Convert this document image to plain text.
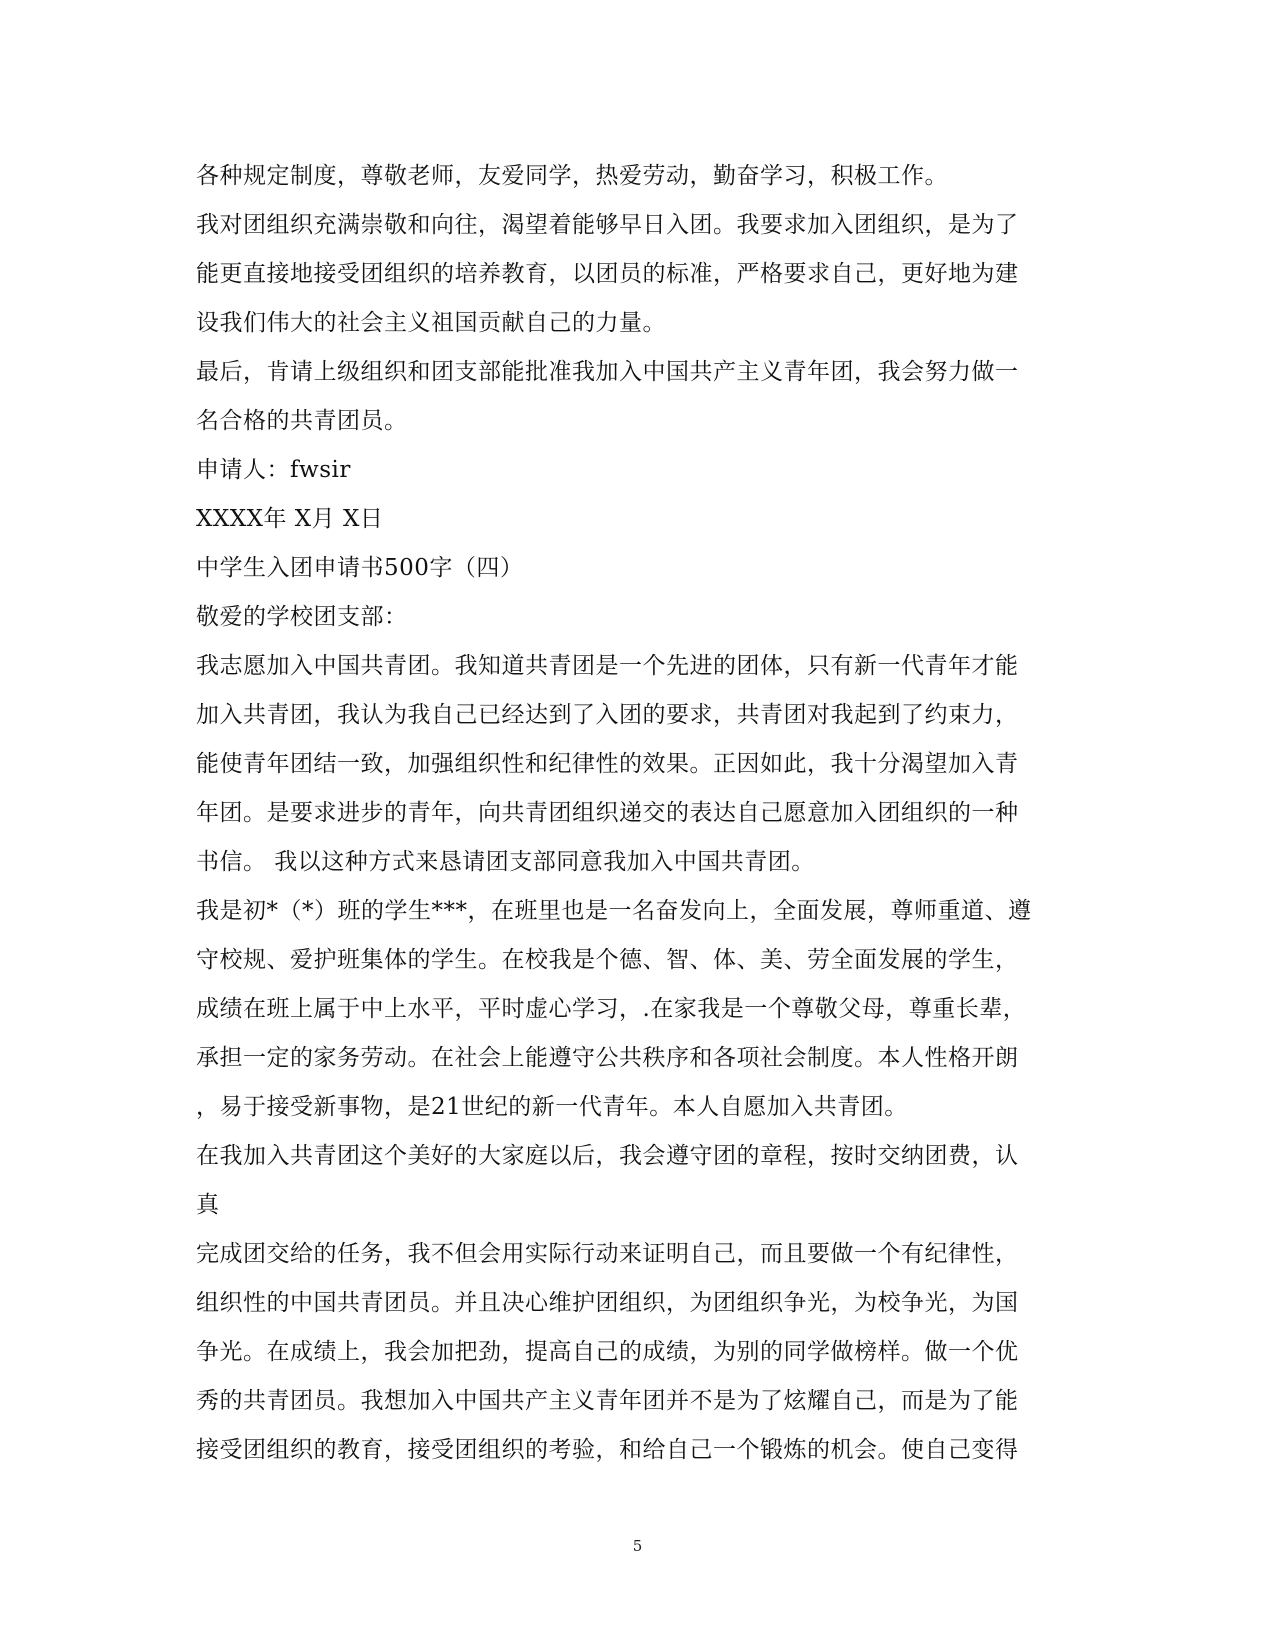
各种规定制度，尊敬老师，友爱同学，热爱劳动，勤奋学习，积极工作。
我对团组织充满崇敬和向往，渴望着能够早日入团。我要求加入团组织，是为了
能更直接地接受团组织的培养教育，以团员的标准，严格要求自己，更好地为建
设我们伟大的社会主义祖国贡献自己的力量。
最后，肯请上级组织和团支部能批准我加入中国共产主义青年团，我会努力做一
名合格的共青团员。
申请人：fwsir
XXXX年 X月 X日
中学生入团申请书500字（四）
敬爱的学校团支部：
我志愿加入中国共青团。我知道共青团是一个先进的团体，只有新一代青年才能
加入共青团，我认为我自己已经达到了入团的要求，共青团对我起到了约束力，
能使青年团结一致，加强组织性和纪律性的效果。正因如此，我十分渴望加入青
年团。是要求进步的青年，向共青团组织递交的表达自己愿意加入团组织的一种
书信。 我以这种方式来恳请团支部同意我加入中国共青团。
我是初*（*）班的学生***，在班里也是一名奋发向上，全面发展，尊师重道、遵
守校规、爱护班集体的学生。在校我是个德、智、体、美、劳全面发展的学生，
成绩在班上属于中上水平，平时虚心学习，.在家我是一个尊敬父母，尊重长辈，
承担一定的家务劳动。在社会上能遵守公共秩序和各项社会制度。本人性格开朗
，易于接受新事物，是21世纪的新一代青年。本人自愿加入共青团。
在我加入共青团这个美好的大家庭以后，我会遵守团的章程，按时交纳团费，认
真
完成团交给的任务，我不但会用实际行动来证明自己，而且要做一个有纪律性，
组织性的中国共青团员。并且决心维护团组织，为团组织争光，为校争光，为国
争光。在成绩上，我会加把劲，提高自己的成绩，为别的同学做榜样。做一个优
秀的共青团员。我想加入中国共产主义青年团并不是为了炫耀自己，而是为了能
接受团组织的教育，接受团组织的考验，和给自己一个锻炼的机会。使自己变得
5
